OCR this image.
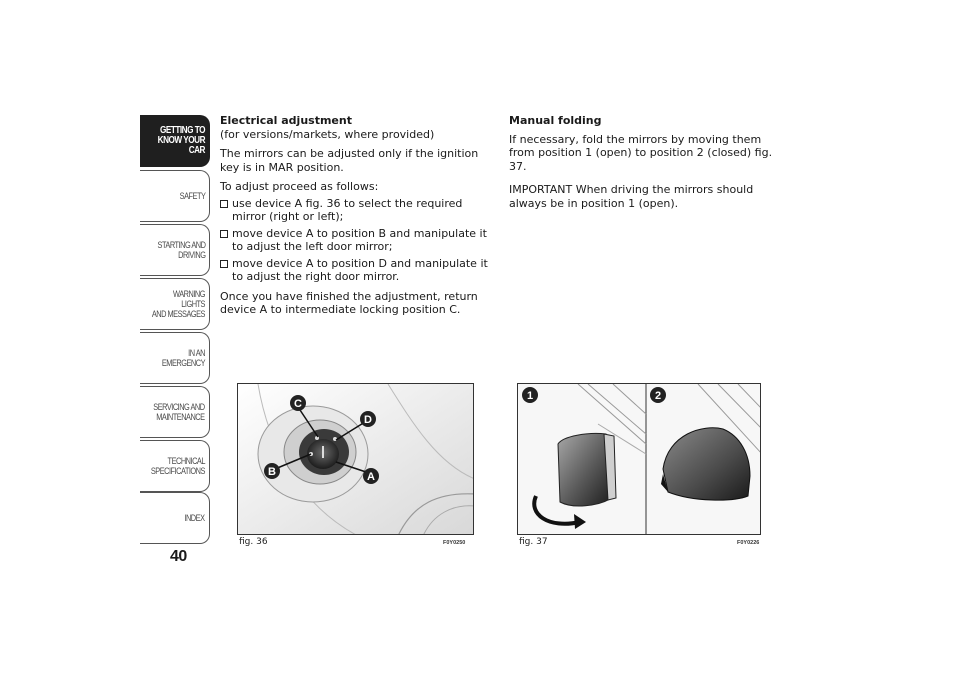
GETTING TO
KNOW YOUR CAR
SAFETY
STARTING AND
DRIVING
WARNING LIGHTS
AND MESSAGES
IN AN EMERGENCY
SERVICING AND
MAINTENANCE
TECHNICAL
SPECIFICATIONS
INDEX
40
Electrical adjustment

(for versions/markets, where provided)

The mirrors can be adjusted only if the ignition key is in MAR position.

To adjust proceed as follows:

use device A fig. 36 to select the required mirror (right or left);
move device A to position B and manipulate it to adjust the left door mirror;
move device A to position D and manipulate it to adjust the right door mirror.

Once you have finished the adjustment, return device A to intermediate locking position C.

Manual folding

If necessary, fold the mirrors by moving them from position 1 (open) to position 2 (closed) fig. 37.

IMPORTANT When driving the mirrors should always be in position 1 (open).

C
D
B	A
fig. 36	F0Y0250
1	2
fig. 37	F0Y0226
